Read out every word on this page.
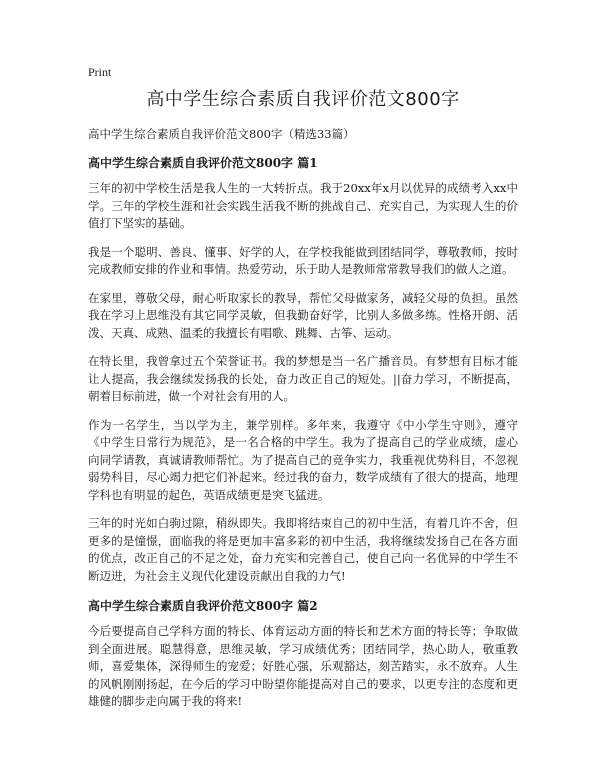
Print

高中学生综合素质自我评价范文800字

高中学生综合素质自我评价范文800字（精选33篇）

高中学生综合素质自我评价范文800字 篇1

三年的初中学校生活是我人生的一大转折点。我于20xx年x月以优异的成绩考入xx中学。三年的学校生涯和社会实践生活我不断的挑战自己、充实自己，为实现人生的价值打下坚实的基础。

我是一个聪明、善良、懂事、好学的人，在学校我能做到团结同学，尊敬教师，按时完成教师安排的作业和事情。热爱劳动，乐于助人是教师常常教导我们的做人之道。

在家里，尊敬父母，耐心听取家长的教导，帮忙父母做家务，减轻父母的负担。虽然我在学习上思维没有其它同学灵敏，但我勤奋好学，比别人多做多练。性格开朗、活泼、天真、成熟、温柔的我擅长有唱歌、跳舞、古筝、运动。

在特长里，我曾拿过五个荣誉证书。我的梦想是当一名广播音员。有梦想有目标才能让人提高，我会继续发扬我的长处，奋力改正自己的短处。||奋力学习，不断提高，朝着目标前进，做一个对社会有用的人。

作为一名学生，当以学为主，兼学别样。多年来，我遵守《中小学生守则》，遵守《中学生日常行为规范》，是一名合格的中学生。我为了提高自己的学业成绩，虚心向同学请教，真诚请教师帮忙。为了提高自己的竞争实力，我重视优势科目，不忽视弱势科目，尽心竭力把它们补起来。经过我的奋力，数学成绩有了很大的提高，地理学科也有明显的起色，英语成绩更是突飞猛进。

三年的时光如白驹过隙，稍纵即失。我即将结束自己的初中生活，有着几许不舍，但更多的是憧憬，面临我的将是更加丰富多彩的初中生活，我将继续发扬自己在各方面的优点，改正自己的不足之处，奋力充实和完善自己，使自己向一名优异的中学生不断迈进，为社会主义现代化建设贡献出自我的力气!

高中学生综合素质自我评价范文800字 篇2

今后要提高自己学科方面的特长、体育运动方面的特长和艺术方面的特长等；争取做到全面进展。聪慧得意，思维灵敏，学习成绩优秀；团结同学，热心助人，敬重教师，喜爱集体，深得师生的宠爱；好胜心强，乐观豁达，刻苦踏实，永不放弃。人生的风帆刚刚扬起，在今后的学习中盼望你能提高对自己的要求，以更专注的态度和更雄健的脚步走向属于我的将来!
